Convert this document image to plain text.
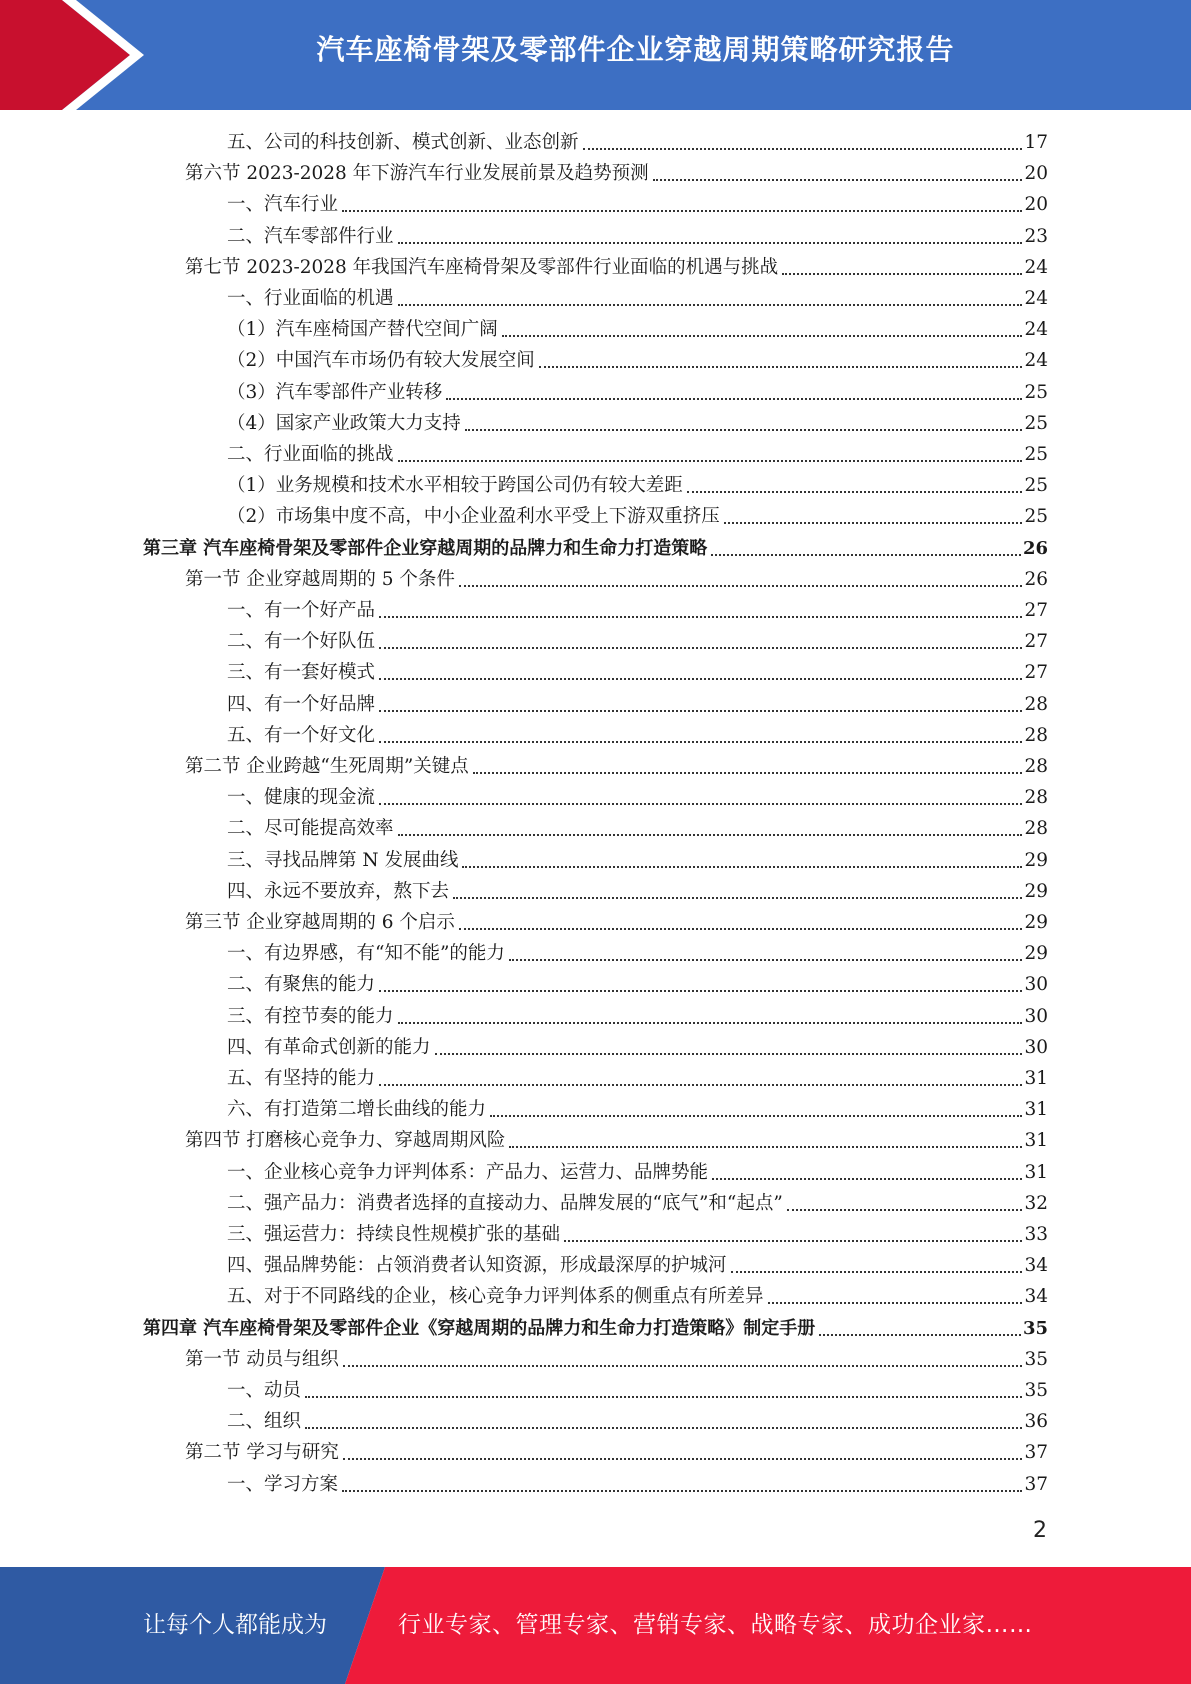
汽车座椅骨架及零部件企业穿越周期策略研究报告
五、公司的科技创新、模式创新、业态创新	17
第六节 2023-2028 年下游汽车行业发展前景及趋势预测	20
一、汽车行业	20
二、汽车零部件行业	23
第七节 2023-2028 年我国汽车座椅骨架及零部件行业面临的机遇与挑战	24
一、行业面临的机遇	24
（1）汽车座椅国产替代空间广阔	24
（2）中国汽车市场仍有较大发展空间	24
（3）汽车零部件产业转移	25
（4）国家产业政策大力支持	25
二、行业面临的挑战	25
（1）业务规模和技术水平相较于跨国公司仍有较大差距	25
（2）市场集中度不高，中小企业盈利水平受上下游双重挤压	25
第三章 汽车座椅骨架及零部件企业穿越周期的品牌力和生命力打造策略	26
第一节 企业穿越周期的 5 个条件	26
一、有一个好产品	27
二、有一个好队伍	27
三、有一套好模式	27
四、有一个好品牌	28
五、有一个好文化	28
第二节 企业跨越“生死周期”关键点	28
一、健康的现金流	28
二、尽可能提高效率	28
三、寻找品牌第 N 发展曲线	29
四、永远不要放弃，熬下去	29
第三节 企业穿越周期的 6 个启示	29
一、有边界感，有“知不能”的能力	29
二、有聚焦的能力	30
三、有控节奏的能力	30
四、有革命式创新的能力	30
五、有坚持的能力	31
六、有打造第二增长曲线的能力	31
第四节 打磨核心竞争力、穿越周期风险	31
一、企业核心竞争力评判体系：产品力、运营力、品牌势能	31
二、强产品力：消费者选择的直接动力、品牌发展的“底气”和“起点”	32
三、强运营力：持续良性规模扩张的基础	33
四、强品牌势能：占领消费者认知资源，形成最深厚的护城河	34
五、对于不同路线的企业，核心竞争力评判体系的侧重点有所差异	34
第四章 汽车座椅骨架及零部件企业《穿越周期的品牌力和生命力打造策略》制定手册	35
第一节 动员与组织	35
一、动员	35
二、组织	36
第二节 学习与研究	37
一、学习方案	37
2
让每个人都能成为	行业专家、管理专家、营销专家、战略专家、成功企业家……
